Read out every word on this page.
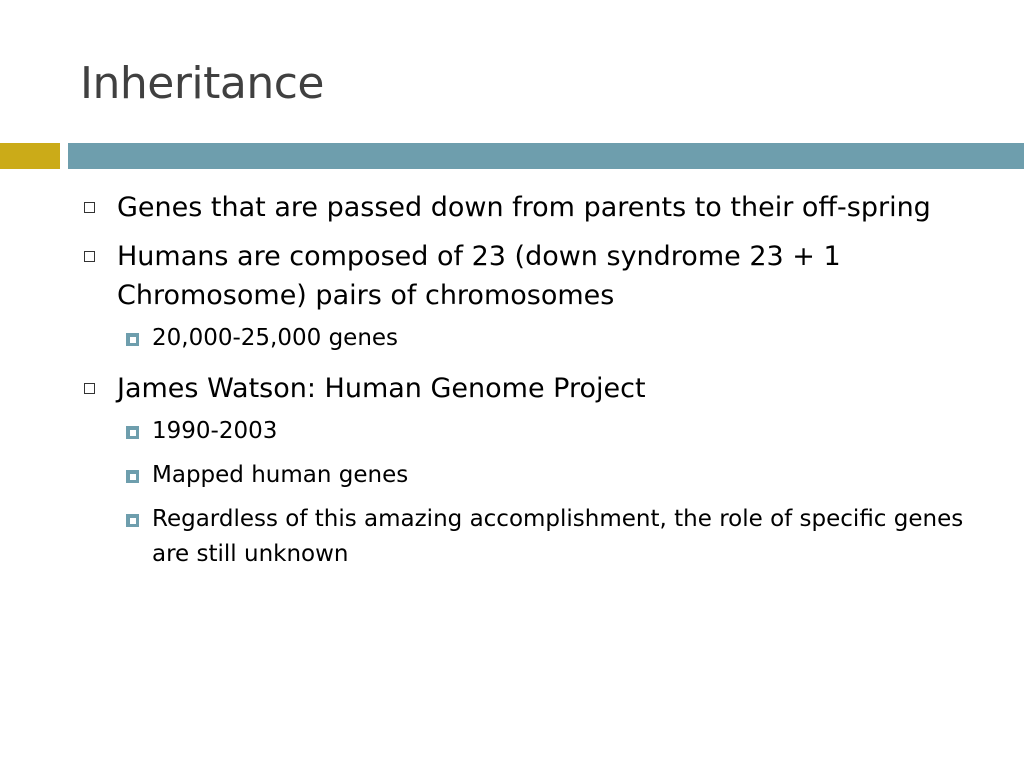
Inheritance
Genes that are passed down from parents to their off-spring
Humans are composed of 23 (down syndrome 23 + 1 Chromosome) pairs of chromosomes
20,000-25,000 genes
James Watson: Human Genome Project
1990-2003
Mapped human genes
Regardless of this amazing accomplishment, the role of specific genes are still unknown
